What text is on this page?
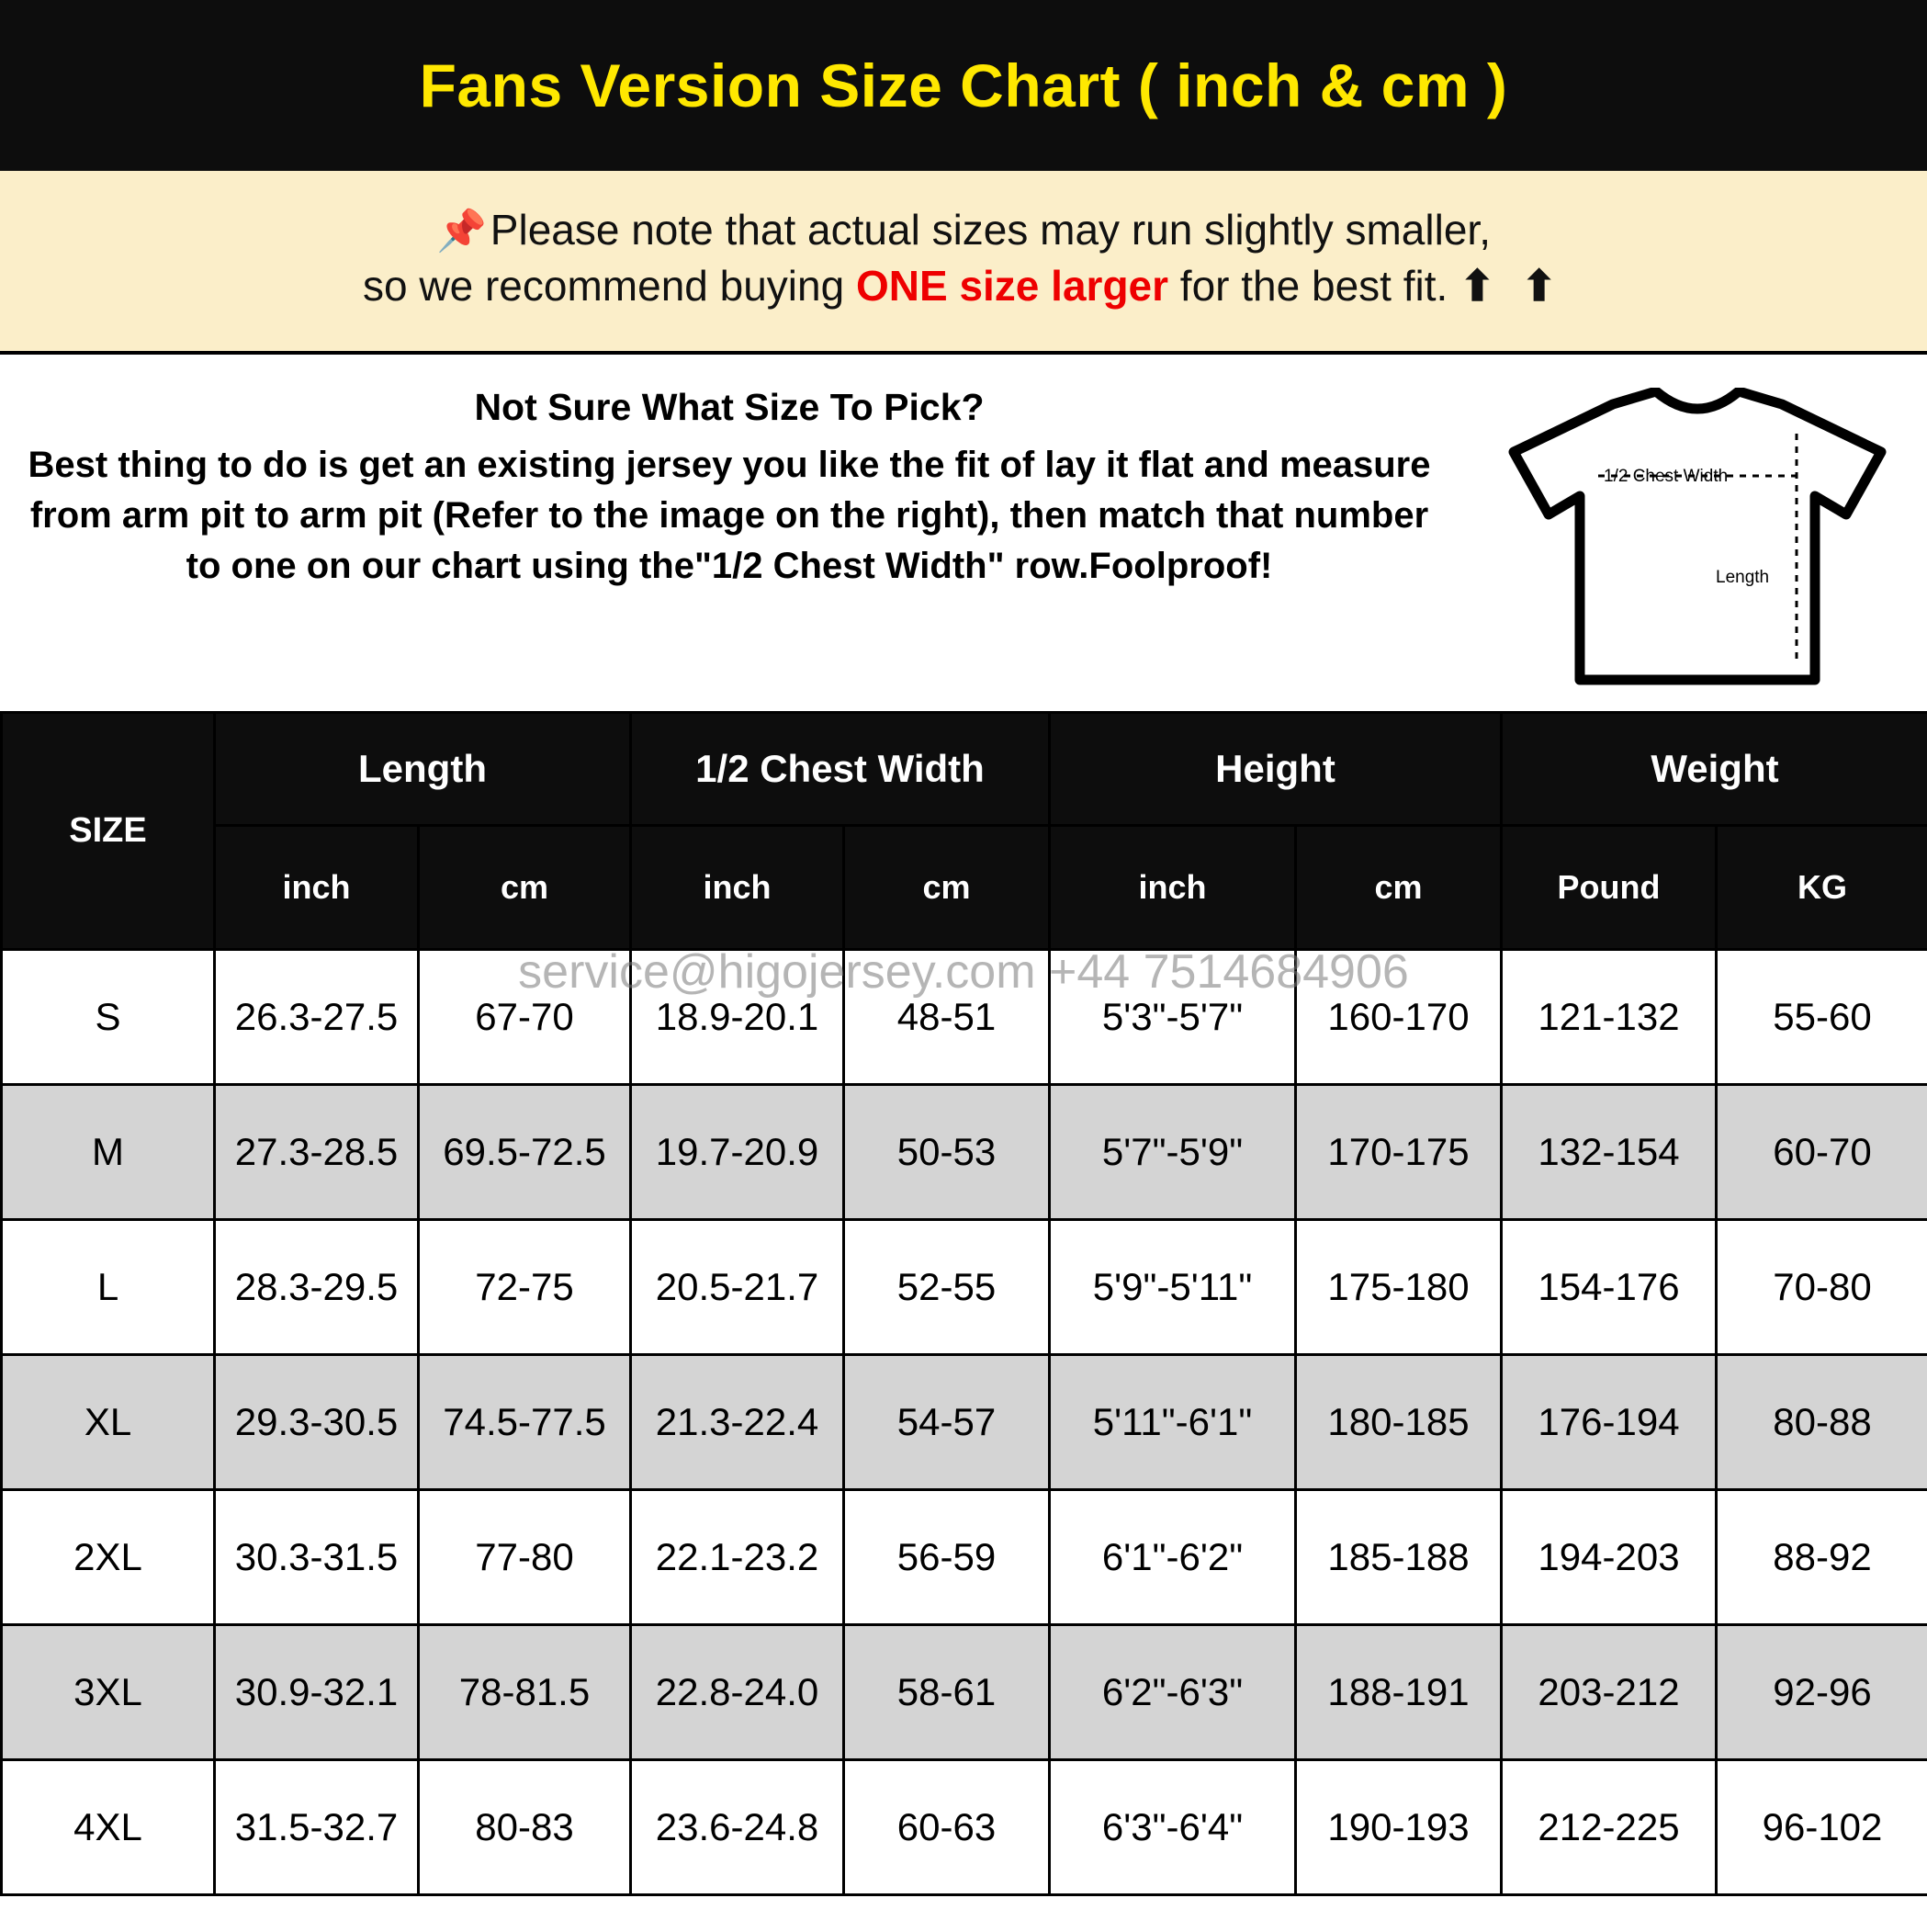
Fans Version Size Chart ( inch & cm )
📌Please note that actual sizes may run slightly smaller,
so we recommend buying ONE size larger for the best fit. ⬆ ⬆
Not Sure What Size To Pick?
Best thing to do is get an existing jersey you like the fit of lay it flat and measure from arm pit to arm pit (Refer to the image on the right), then match that number to one on our chart using the"1/2 Chest Width" row.Foolproof!
1/2 Chest Width
Length
SIZE	Length		1/2 Chest Width		Height		Weight	
	inch	cm	inch	cm	inch	cm	Pound	KG
S	26.3-27.5	67-70	18.9-20.1	48-51	5'3"-5'7"	160-170	121-132	55-60
M	27.3-28.5	69.5-72.5	19.7-20.9	50-53	5'7"-5'9"	170-175	132-154	60-70
L	28.3-29.5	72-75	20.5-21.7	52-55	5'9"-5'11"	175-180	154-176	70-80
XL	29.3-30.5	74.5-77.5	21.3-22.4	54-57	5'11"-6'1"	180-185	176-194	80-88
2XL	30.3-31.5	77-80	22.1-23.2	56-59	6'1"-6'2"	185-188	194-203	88-92
3XL	30.9-32.1	78-81.5	22.8-24.0	58-61	6'2"-6'3"	188-191	203-212	92-96
4XL	31.5-32.7	80-83	23.6-24.8	60-63	6'3"-6'4"	190-193	212-225	96-102
service@higojersey.com +44 7514684906
